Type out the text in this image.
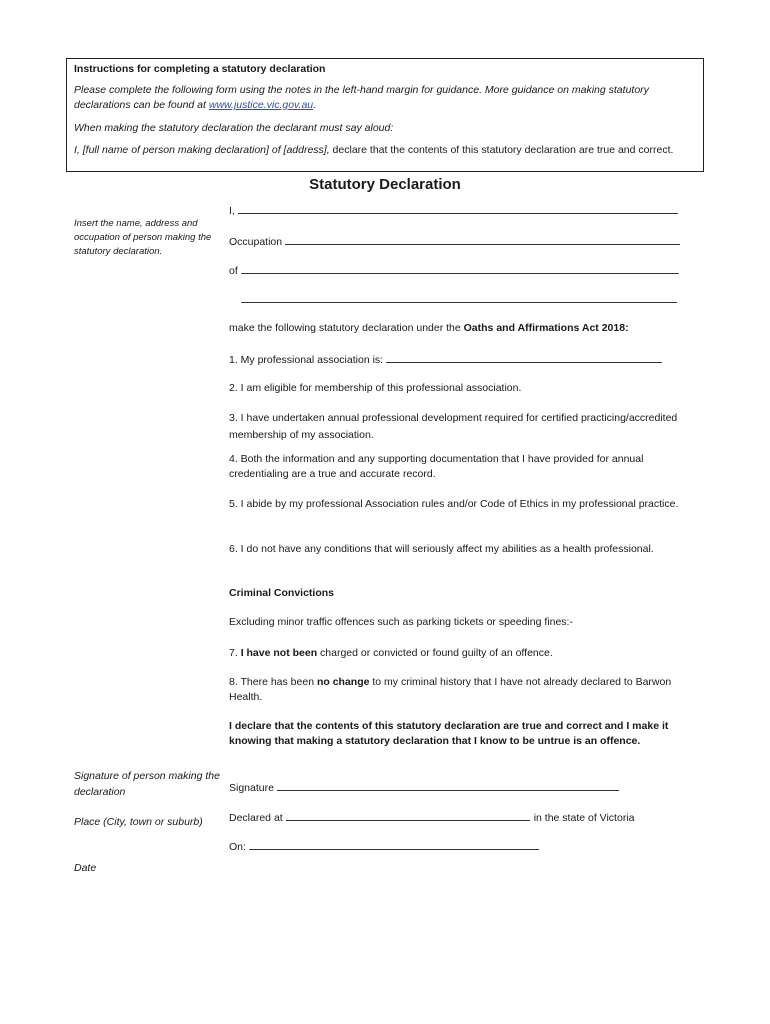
Instructions for completing a statutory declaration
Please complete the following form using the notes in the left-hand margin for guidance. More guidance on making statutory declarations can be found at www.justice.vic.gov.au.
When making the statutory declaration the declarant must say aloud:
I, [full name of person making declaration] of [address], declare that the contents of this statutory declaration are true and correct.
Statutory Declaration
Insert the name, address and occupation of person making the statutory declaration.
Signature of person making the declaration
Place (City, town or suburb)
Date
I,
Occupation
of
make the following statutory declaration under the Oaths and Affirmations Act 2018:
1. My professional association is:
2. I am eligible for membership of this professional association.
3. I have undertaken annual professional development required for certified practicing/accredited membership of my association.
4. Both the information and any supporting documentation that I have provided for annual credentialing are a true and accurate record.
5. I abide by my professional Association rules and/or Code of Ethics in my professional practice.
6. I do not have any conditions that will seriously affect my abilities as a health professional.
Criminal Convictions
Excluding minor traffic offences such as parking tickets or speeding fines:-
7. I have not been charged or convicted or found guilty of an offence.
8. There has been no change to my criminal history that I have not already declared to Barwon Health.
I declare that the contents of this statutory declaration are true and correct and I make it knowing that making a statutory declaration that I know to be untrue is an offence.
Signature
Declared at	in the state of Victoria
On:
